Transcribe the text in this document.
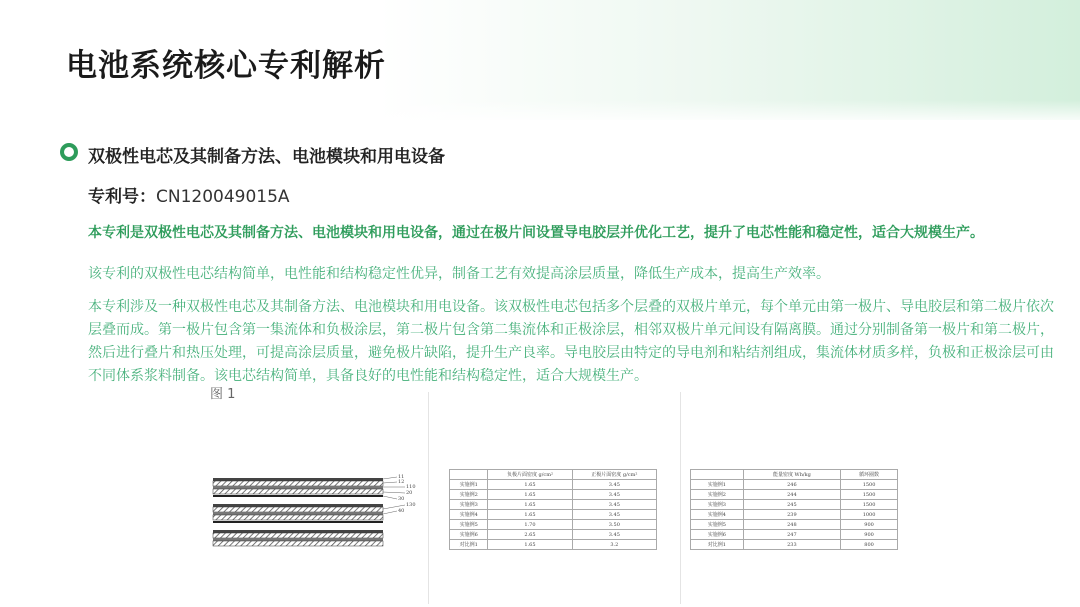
电池系统核心专利解析
双极性电芯及其制备方法、电池模块和用电设备
专利号：CN120049015A
本专利是双极性电芯及其制备方法、电池模块和用电设备，通过在极片间设置导电胶层并优化工艺，提升了电芯性能和稳定性，适合大规模生产。
该专利的双极性电芯结构简单，电性能和结构稳定性优异，制备工艺有效提高涂层质量，降低生产成本，提高生产效率。
本专利涉及一种双极性电芯及其制备方法、电池模块和用电设备。该双极性电芯包括多个层叠的双极片单元，每个单元由第一极片、导电胶层和第二极片依次层叠而成。第一极片包含第一集流体和负极涂层，第二极片包含第二集流体和正极涂层，相邻双极片单元间设有隔离膜。通过分别制备第一极片和第二极片，然后进行叠片和热压处理，可提高涂层质量，避免极片缺陷，提升生产良率。导电胶层由特定的导电剂和粘结剂组成，集流体材质多样，负极和正极涂层可由不同体系浆料制备。该电芯结构简单，具备良好的电性能和结构稳定性，适合大规模生产。
图 1
11
12
110
20
30
130
40
	负极片面密度 g/cm²	正极片面密度 g/cm²
实施例1	1.65	3.45
实施例2	1.65	3.45
实施例3	1.65	3.45
实施例4	1.65	3.45
实施例5	1.70	3.50
实施例6	2.65	3.45
对比例1	1.65	3.2
	能量密度 Wh/kg	循环圈数
实施例1	246	1500
实施例2	244	1500
实施例3	245	1500
实施例4	239	1000
实施例5	248	900
实施例6	247	900
对比例1	233	800
